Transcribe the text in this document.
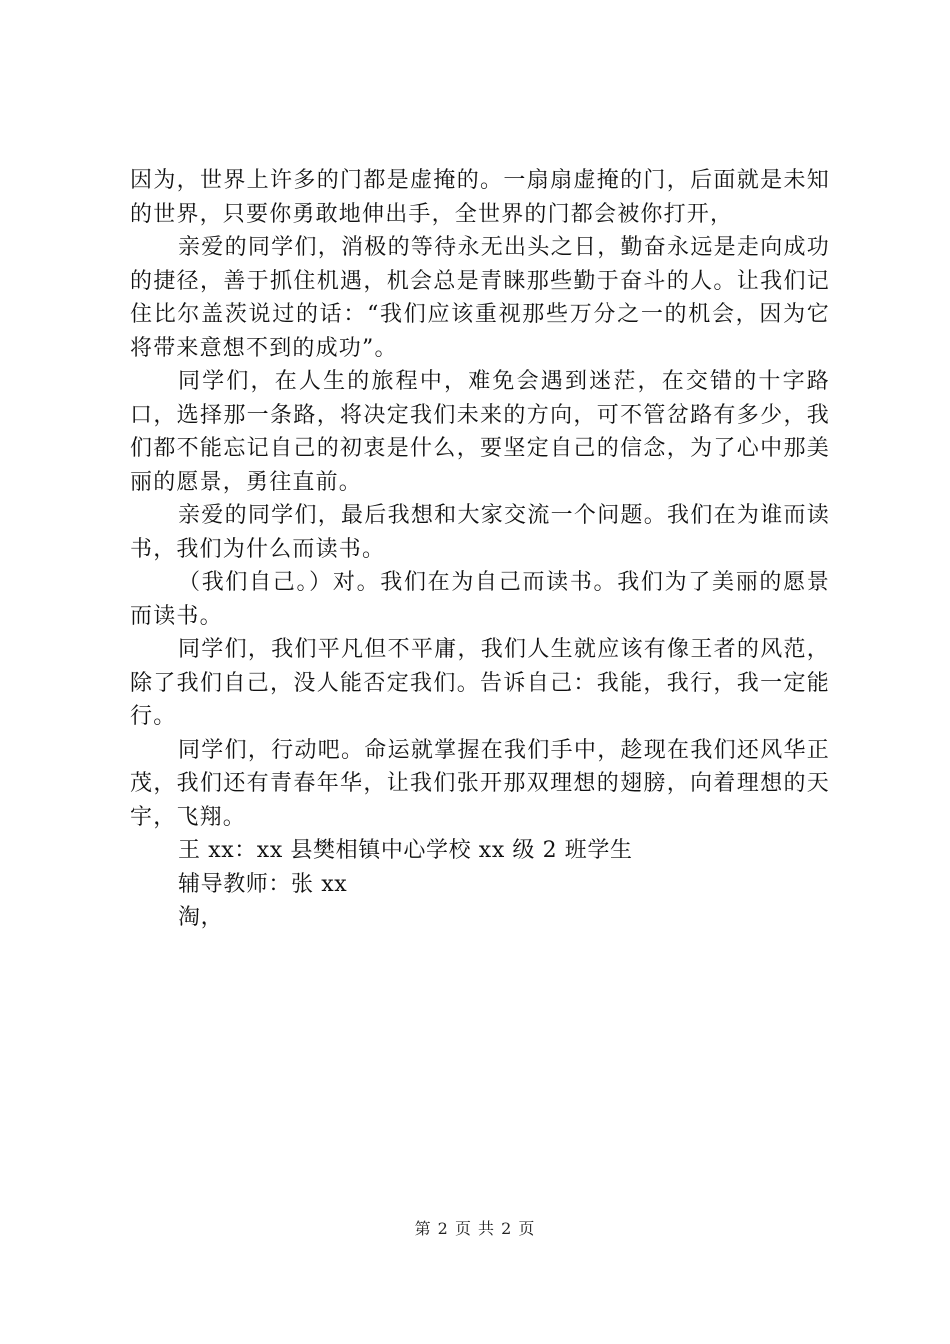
因为，世界上许多的门都是虚掩的。一扇扇虚掩的门，后面就是未知的世界，只要你勇敢地伸出手，全世界的门都会被你打开，

亲爱的同学们，消极的等待永无出头之日，勤奋永远是走向成功的捷径，善于抓住机遇，机会总是青睐那些勤于奋斗的人。让我们记住比尔盖茨说过的话：“我们应该重视那些万分之一的机会，因为它将带来意想不到的成功”。

同学们，在人生的旅程中，难免会遇到迷茫，在交错的十字路口，选择那一条路，将决定我们未来的方向，可不管岔路有多少，我们都不能忘记自己的初衷是什么，要坚定自己的信念，为了心中那美丽的愿景，勇往直前。

亲爱的同学们，最后我想和大家交流一个问题。我们在为谁而读书，我们为什么而读书。

（我们自己。）对。我们在为自己而读书。我们为了美丽的愿景而读书。

同学们，我们平凡但不平庸，我们人生就应该有像王者的风范，除了我们自己，没人能否定我们。告诉自己：我能，我行，我一定能行。

同学们，行动吧。命运就掌握在我们手中，趁现在我们还风华正茂，我们还有青春年华，让我们张开那双理想的翅膀，向着理想的天宇，飞翔。

王 xx：xx 县樊相镇中心学校 xx 级 2 班学生

辅导教师：张 xx

淘，

第 2 页 共 2 页
